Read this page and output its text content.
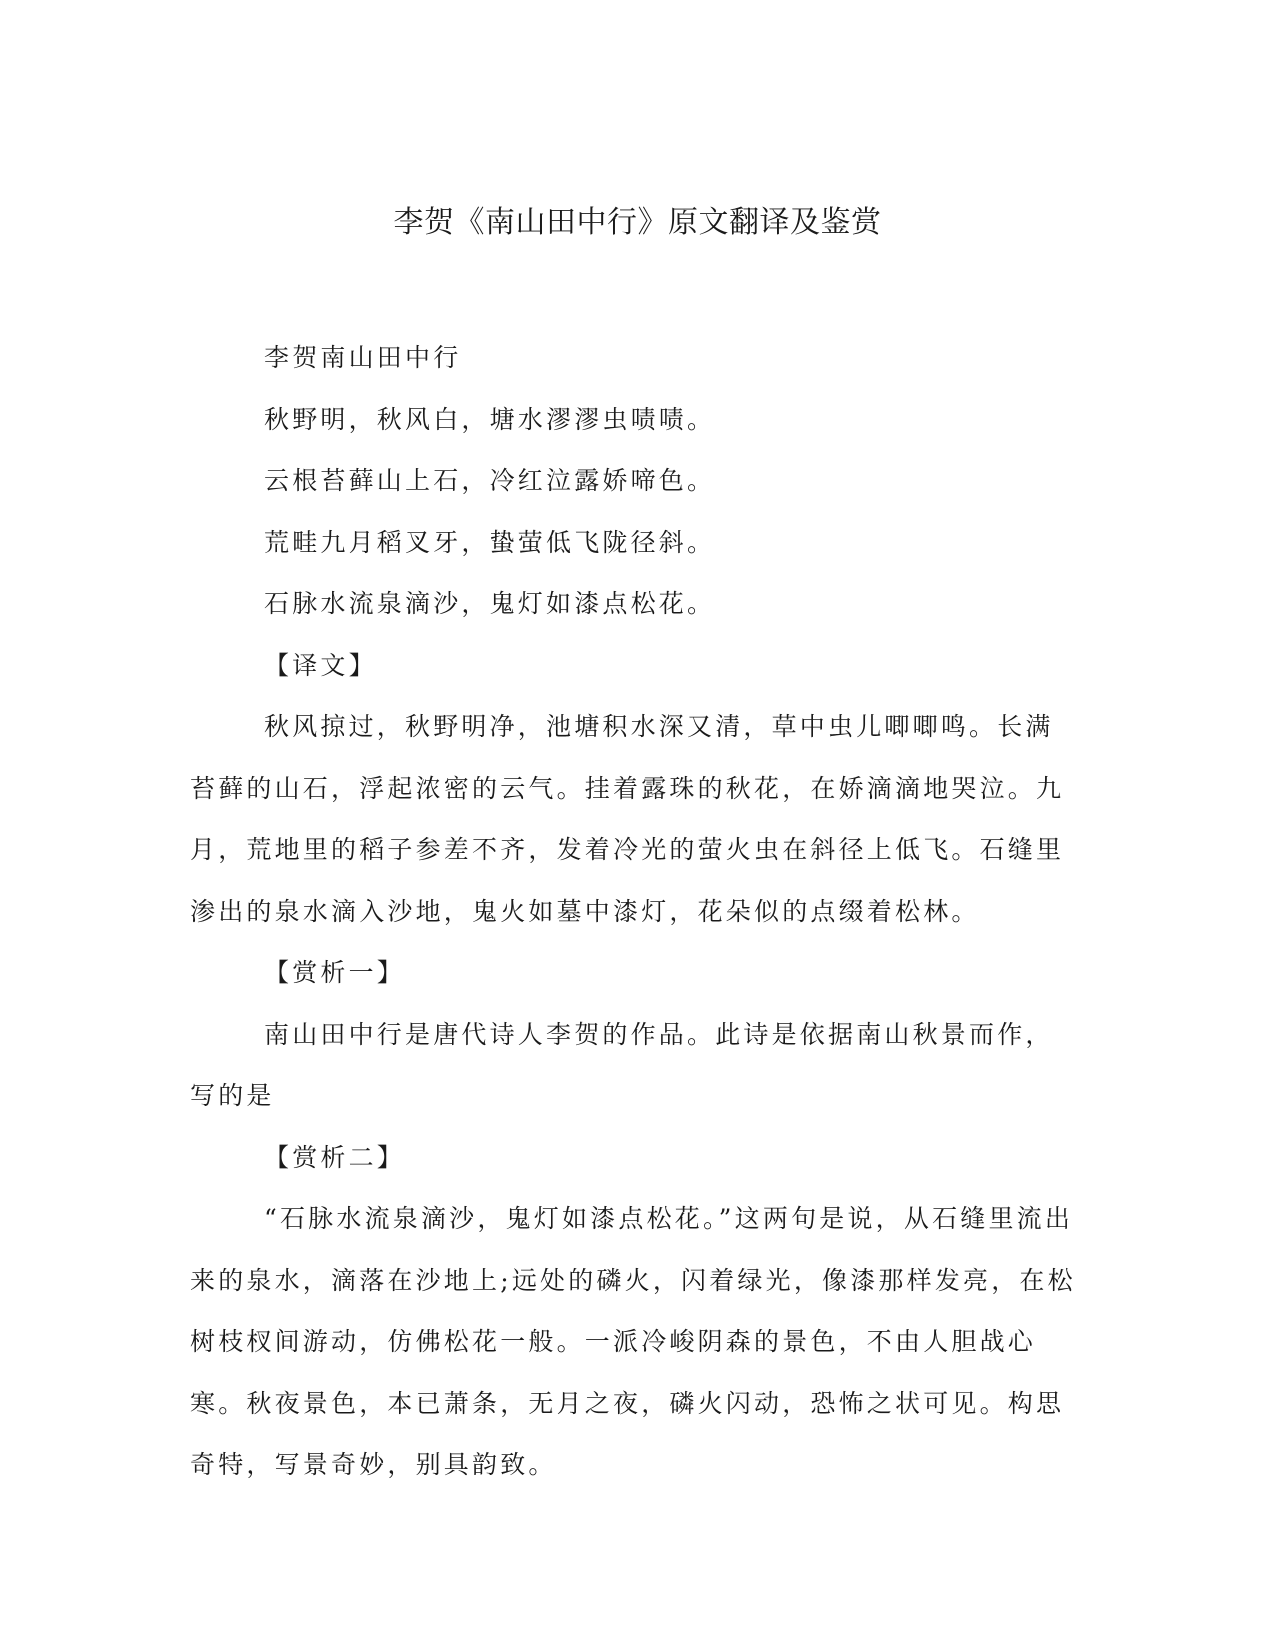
李贺《南山田中行》原文翻译及鉴赏

李贺南山田中行

秋野明，秋风白，塘水漻漻虫啧啧。

云根苔藓山上石，冷红泣露娇啼色。

荒畦九月稻叉牙，蛰萤低飞陇径斜。

石脉水流泉滴沙，鬼灯如漆点松花。

【译文】

秋风掠过，秋野明净，池塘积水深又清，草中虫儿唧唧鸣。长满苔藓的山石，浮起浓密的云气。挂着露珠的秋花，在娇滴滴地哭泣。九月，荒地里的稻子参差不齐，发着冷光的萤火虫在斜径上低飞。石缝里渗出的泉水滴入沙地，鬼火如墓中漆灯，花朵似的点缀着松林。

【赏析一】

南山田中行是唐代诗人李贺的作品。此诗是依据南山秋景而作，写的是

【赏析二】

“石脉水流泉滴沙，鬼灯如漆点松花。”这两句是说，从石缝里流出来的泉水，滴落在沙地上;远处的磷火，闪着绿光，像漆那样发亮，在松树枝杈间游动，仿佛松花一般。一派冷峻阴森的景色，不由人胆战心寒。秋夜景色，本已萧条，无月之夜，磷火闪动，恐怖之状可见。构思奇特，写景奇妙，别具韵致。
